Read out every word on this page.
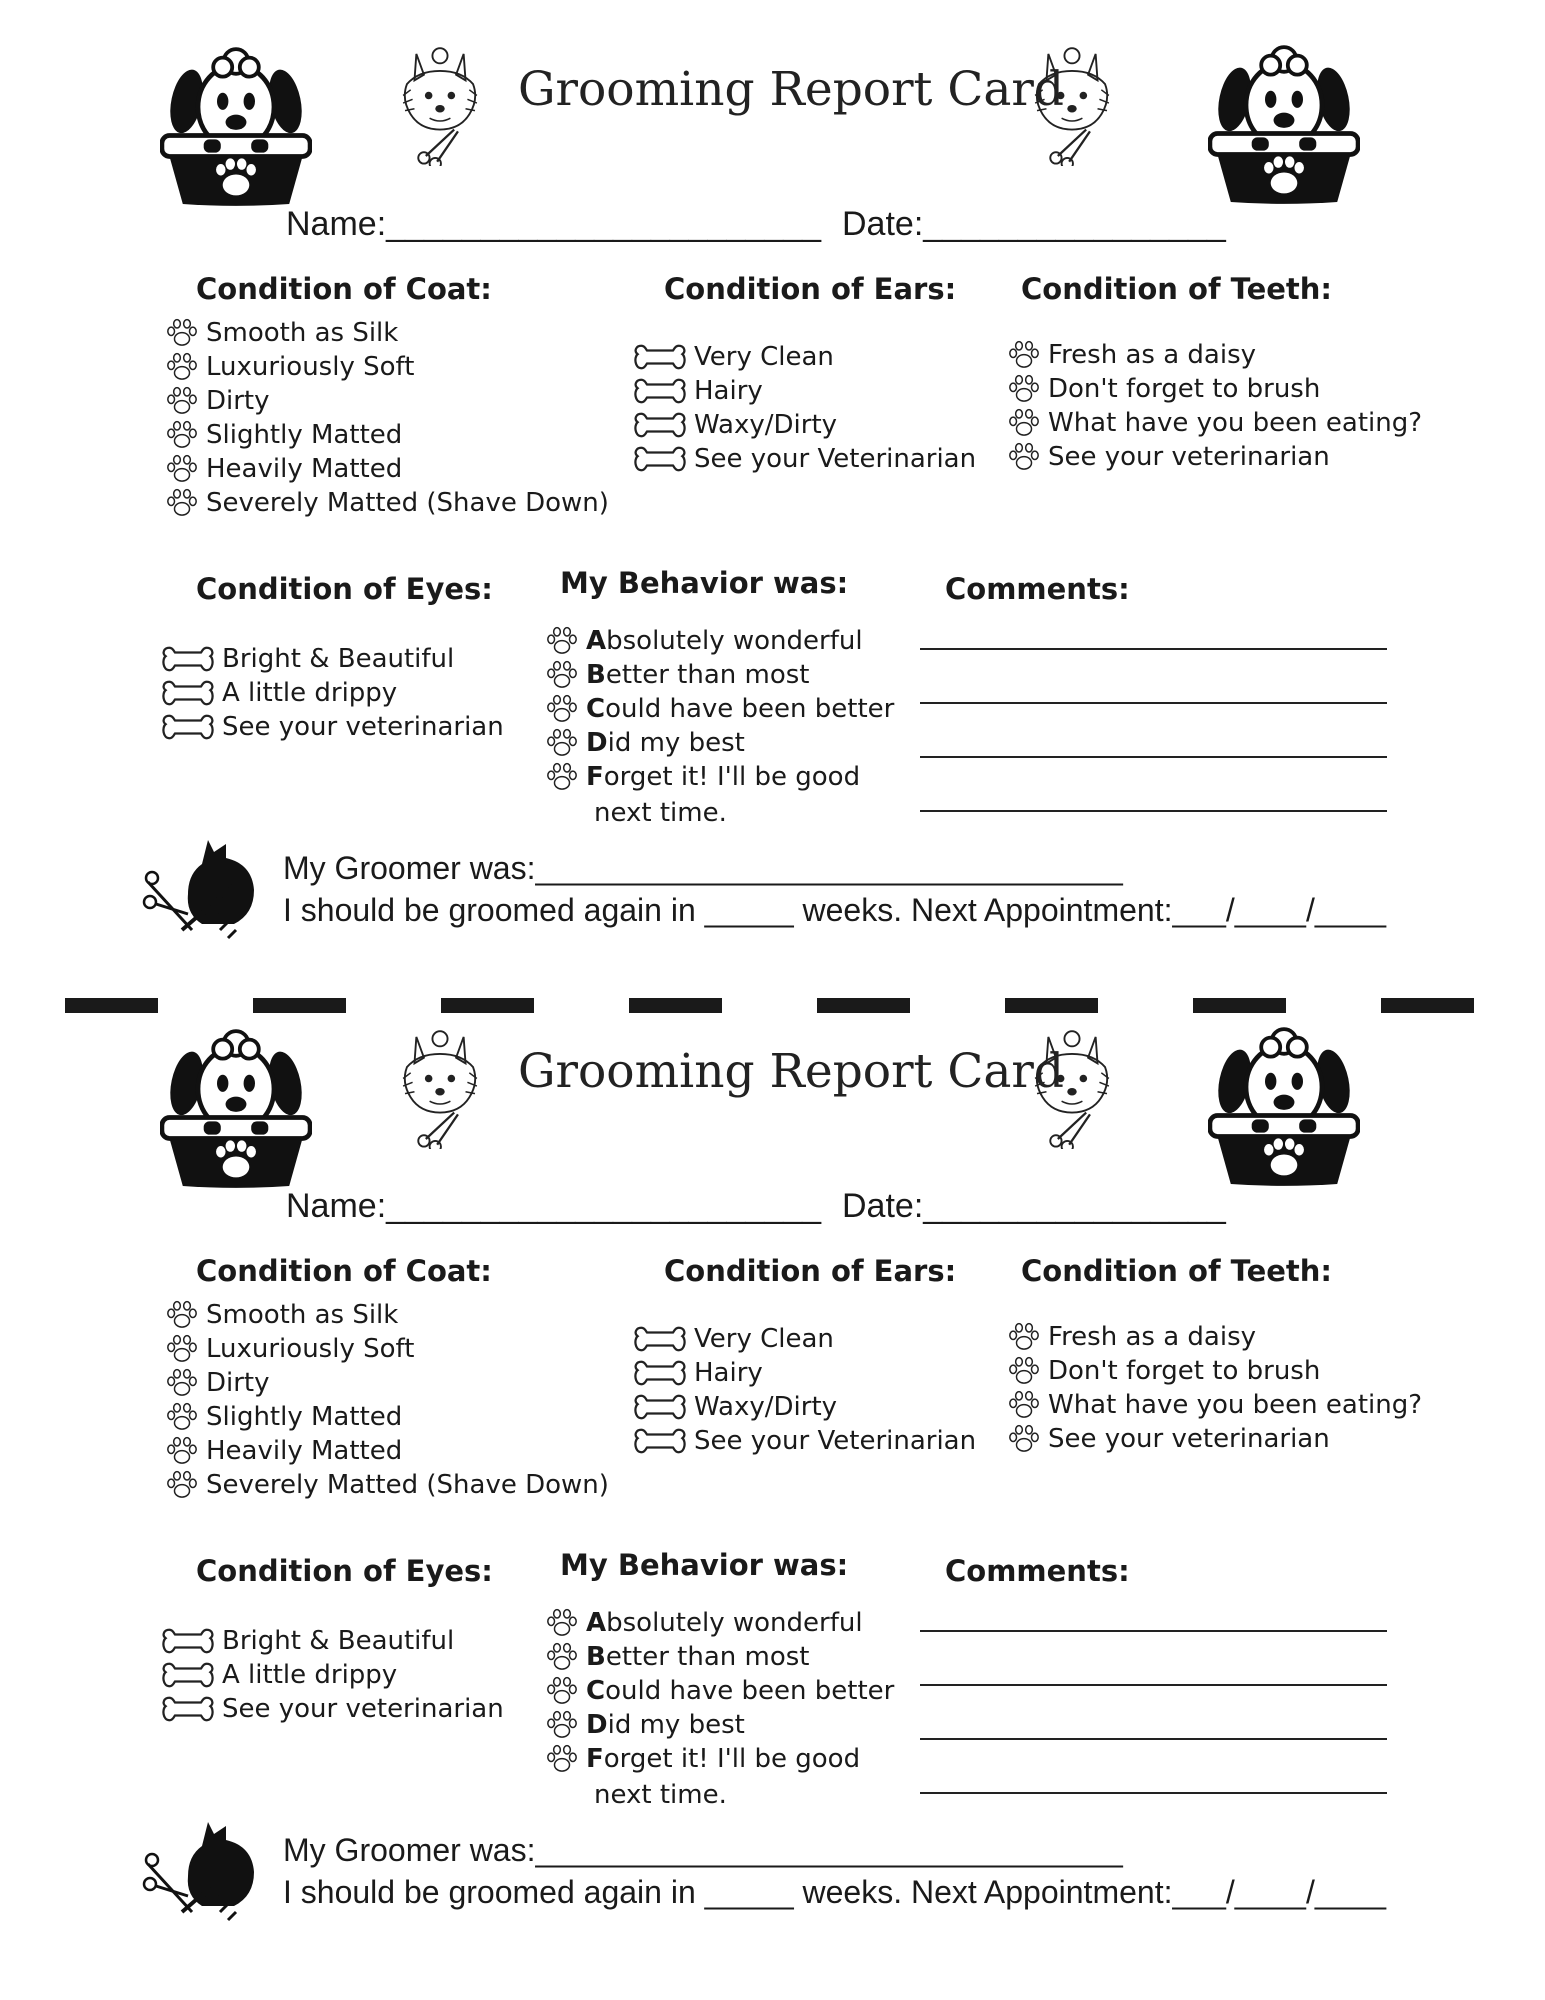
Grooming Report Card
Name:_______________________ Date:________________
Condition of Coat:
Smooth as Silk
Luxuriously Soft
Dirty
Slightly Matted
Heavily Matted
Severely Matted (Shave Down)
Condition of Ears:
Very Clean
Hairy
Waxy/Dirty
See your Veterinarian
Condition of Teeth:
Fresh as a daisy
Don't forget to brush
What have you been eating?
See your veterinarian
Condition of Eyes:
Bright & Beautiful
A little drippy
See your veterinarian
My Behavior was:
Absolutely wonderful
Better than most
Could have been better
Did my best
Forget it! I'll be good
next time.
Comments:
My Groomer was:_________________________________
I should be groomed again in _____ weeks. Next Appointment:___/____/____
Grooming Report Card
Name:_______________________ Date:________________
Condition of Coat:
Smooth as Silk
Luxuriously Soft
Dirty
Slightly Matted
Heavily Matted
Severely Matted (Shave Down)
Condition of Ears:
Very Clean
Hairy
Waxy/Dirty
See your Veterinarian
Condition of Teeth:
Fresh as a daisy
Don't forget to brush
What have you been eating?
See your veterinarian
Condition of Eyes:
Bright & Beautiful
A little drippy
See your veterinarian
My Behavior was:
Absolutely wonderful
Better than most
Could have been better
Did my best
Forget it! I'll be good
next time.
Comments:
My Groomer was:_________________________________
I should be groomed again in _____ weeks. Next Appointment:___/____/____
